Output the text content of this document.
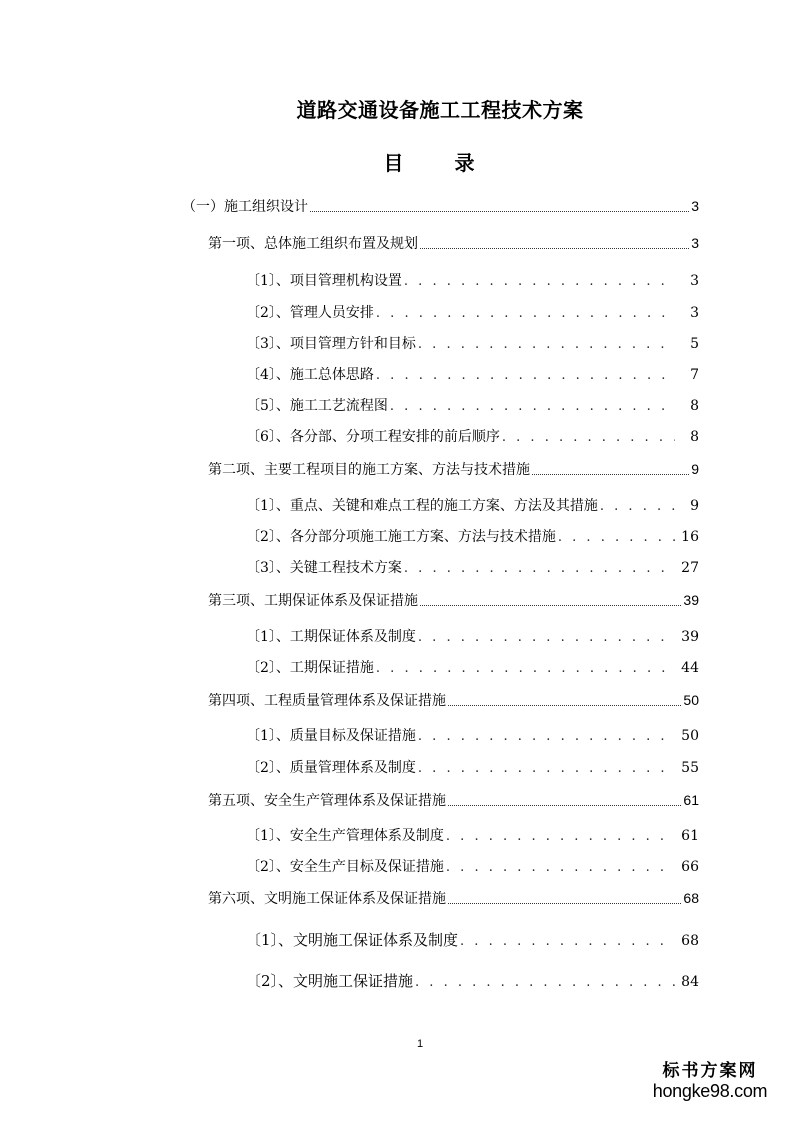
道路交通设备施工工程技术方案
目 录
（一）施工组织设计	3
第一项、总体施工组织布置及规划	3
〔1〕、项目管理机构设置 . . .	3
〔2〕、管理人员安排 . . .	3
〔3〕、项目管理方针和目标 . . .	5
〔4〕、施工总体思路 . . .	7
〔5〕、施工工艺流程图 . . .	8
〔6〕、各分部、分项工程安排的前后顺序 . . .	8
第二项、主要工程项目的施工方案、方法与技术措施	9
〔1〕、重点、关键和难点工程的施工方案、方法及其措施 . . .	9
〔2〕、各分部分项施工施工方案、方法与技术措施 . . .	16
〔3〕、关键工程技术方案 . . .	27
第三项、工期保证体系及保证措施	39
〔1〕、工期保证体系及制度 . . .	39
〔2〕、工期保证措施 . . .	44
第四项、工程质量管理体系及保证措施	50
〔1〕、质量目标及保证措施 . . .	50
〔2〕、质量管理体系及制度 . . .	55
第五项、安全生产管理体系及保证措施	61
〔1〕、安全生产管理体系及制度 . . .	61
〔2〕、安全生产目标及保证措施 . . .	66
第六项、文明施工保证体系及保证措施	68
〔1〕、文明施工保证体系及制度 . . .	68
〔2〕、文明施工保证措施 . . .	84
1
标书方案网
hongke98.com
